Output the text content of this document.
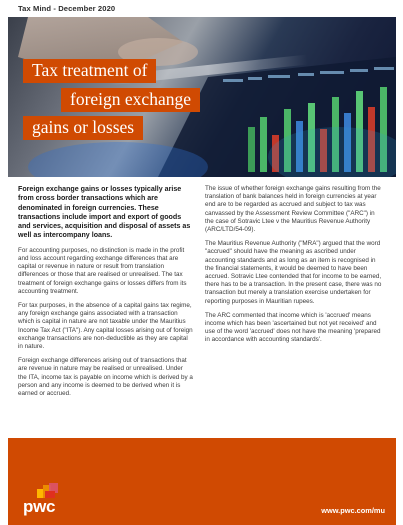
Tax Mind - December 2020
Tax treatment of
foreign exchange
gains or losses

Foreign exchange gains or losses typically arise from cross border transactions which are denominated in foreign currencies. These transactions include import and export of goods and services, acquisition and disposal of assets as well as intercompany loans.

For accounting purposes, no distinction is made in the profit and loss account regarding exchange differences that are capital or revenue in nature or result from translation differences or those that are realised or unrealised. The tax treatment of foreign exchange gains or losses differs from its accounting treatment.

For tax purposes, in the absence of a capital gains tax regime, any foreign exchange gains associated with a transaction which is capital in nature are not taxable under the Mauritius Income Tax Act ("ITA"). Any capital losses arising out of foreign exchange transactions are non-deductible as they are capital in nature.

Foreign exchange differences arising out of transactions that are revenue in nature may be realised or unrealised. Under the ITA, income tax is payable on income which is derived by a person and any income is deemed to be derived when it is earned or accrued.

The issue of whether foreign exchange gains resulting from the translation of bank balances held in foreign currencies at year end are to be regarded as accrued and subject to tax was canvassed by the Assessment Review Committee ("ARC") in the case of Sotravic Ltee v the Mauritius Revenue Authority (ARC/LTD/54-09).

The Mauritius Revenue Authority ("MRA") argued that the word "accrued" should have the meaning as ascribed under accounting standards and as long as an item is recognised in the financial statements, it would be deemed to have been accrued. Sotravic Ltee contended that for income to be earned, there has to be a transaction. In the present case, there was no transaction but merely a translation exercise undertaken for reporting purposes in Mauritian rupees.

The ARC commented that income which is 'accrued' means income which has been 'ascertained but not yet received' and use of the word 'accrued' does not have the meaning 'prepared in accordance with accounting standards'.

pwc	www.pwc.com/mu
